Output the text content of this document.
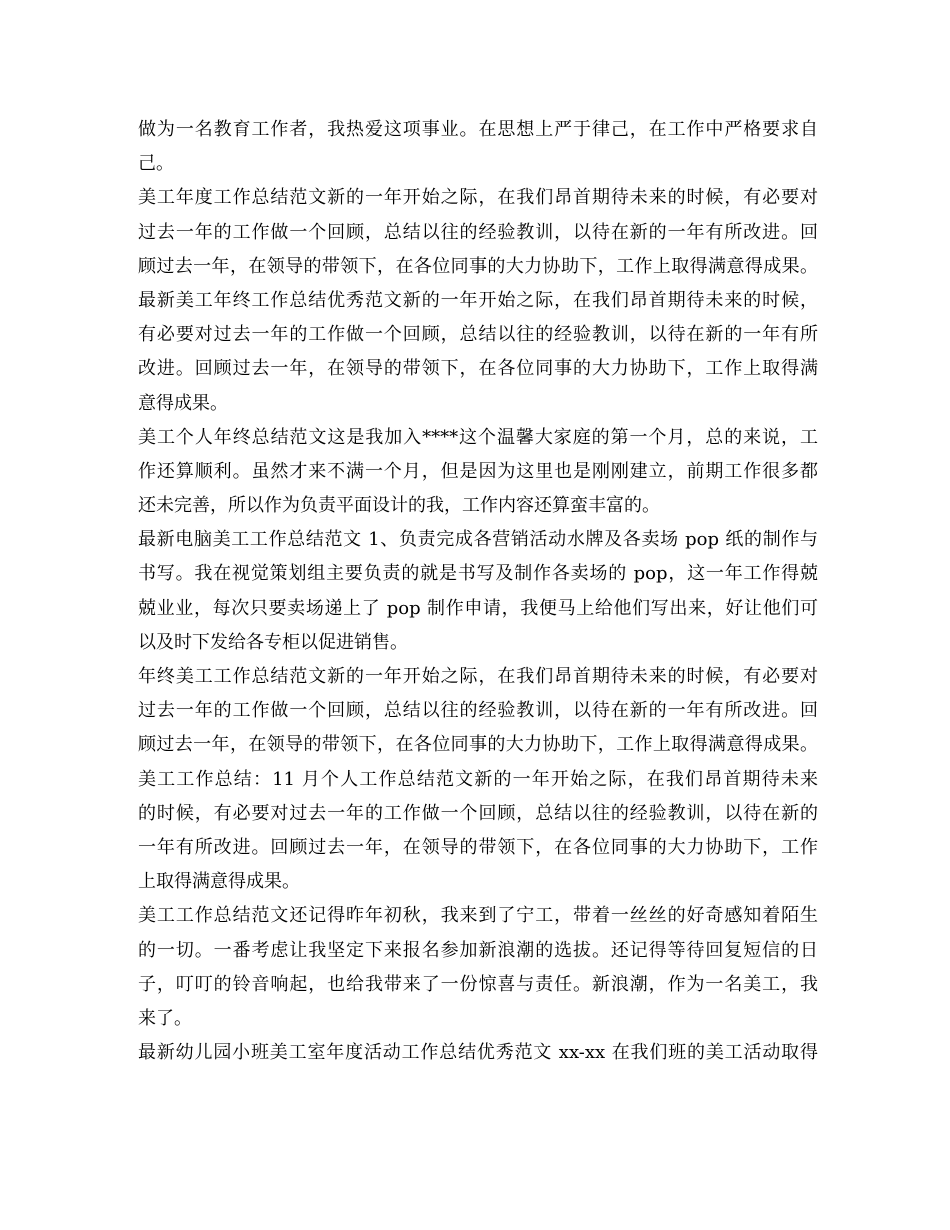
做为一名教育工作者，我热爱这项事业。在思想上严于律己，在工作中严格要求自
己。
美工年度工作总结范文新的一年开始之际，在我们昂首期待未来的时候，有必要对
过去一年的工作做一个回顾，总结以往的经验教训，以待在新的一年有所改进。回
顾过去一年，在领导的带领下，在各位同事的大力协助下，工作上取得满意得成果。
最新美工年终工作总结优秀范文新的一年开始之际，在我们昂首期待未来的时候，
有必要对过去一年的工作做一个回顾，总结以往的经验教训，以待在新的一年有所
改进。回顾过去一年，在领导的带领下，在各位同事的大力协助下，工作上取得满
意得成果。
美工个人年终总结范文这是我加入****这个温馨大家庭的第一个月，总的来说，工
作还算顺利。虽然才来不满一个月，但是因为这里也是刚刚建立，前期工作很多都
还未完善，所以作为负责平面设计的我，工作内容还算蛮丰富的。
最新电脑美工工作总结范文 1、负责完成各营销活动水牌及各卖场 pop 纸的制作与
书写。我在视觉策划组主要负责的就是书写及制作各卖场的 pop，这一年工作得兢
兢业业，每次只要卖场递上了 pop 制作申请，我便马上给他们写出来，好让他们可
以及时下发给各专柜以促进销售。
年终美工工作总结范文新的一年开始之际，在我们昂首期待未来的时候，有必要对
过去一年的工作做一个回顾，总结以往的经验教训，以待在新的一年有所改进。回
顾过去一年，在领导的带领下，在各位同事的大力协助下，工作上取得满意得成果。
美工工作总结：11 月个人工作总结范文新的一年开始之际，在我们昂首期待未来
的时候，有必要对过去一年的工作做一个回顾，总结以往的经验教训，以待在新的
一年有所改进。回顾过去一年，在领导的带领下，在各位同事的大力协助下，工作
上取得满意得成果。
美工工作总结范文还记得昨年初秋，我来到了宁工，带着一丝丝的好奇感知着陌生
的一切。一番考虑让我坚定下来报名参加新浪潮的选拔。还记得等待回复短信的日
子，叮叮的铃音响起，也给我带来了一份惊喜与责任。新浪潮，作为一名美工，我
来了。
最新幼儿园小班美工室年度活动工作总结优秀范文 xx-xx 在我们班的美工活动取得
